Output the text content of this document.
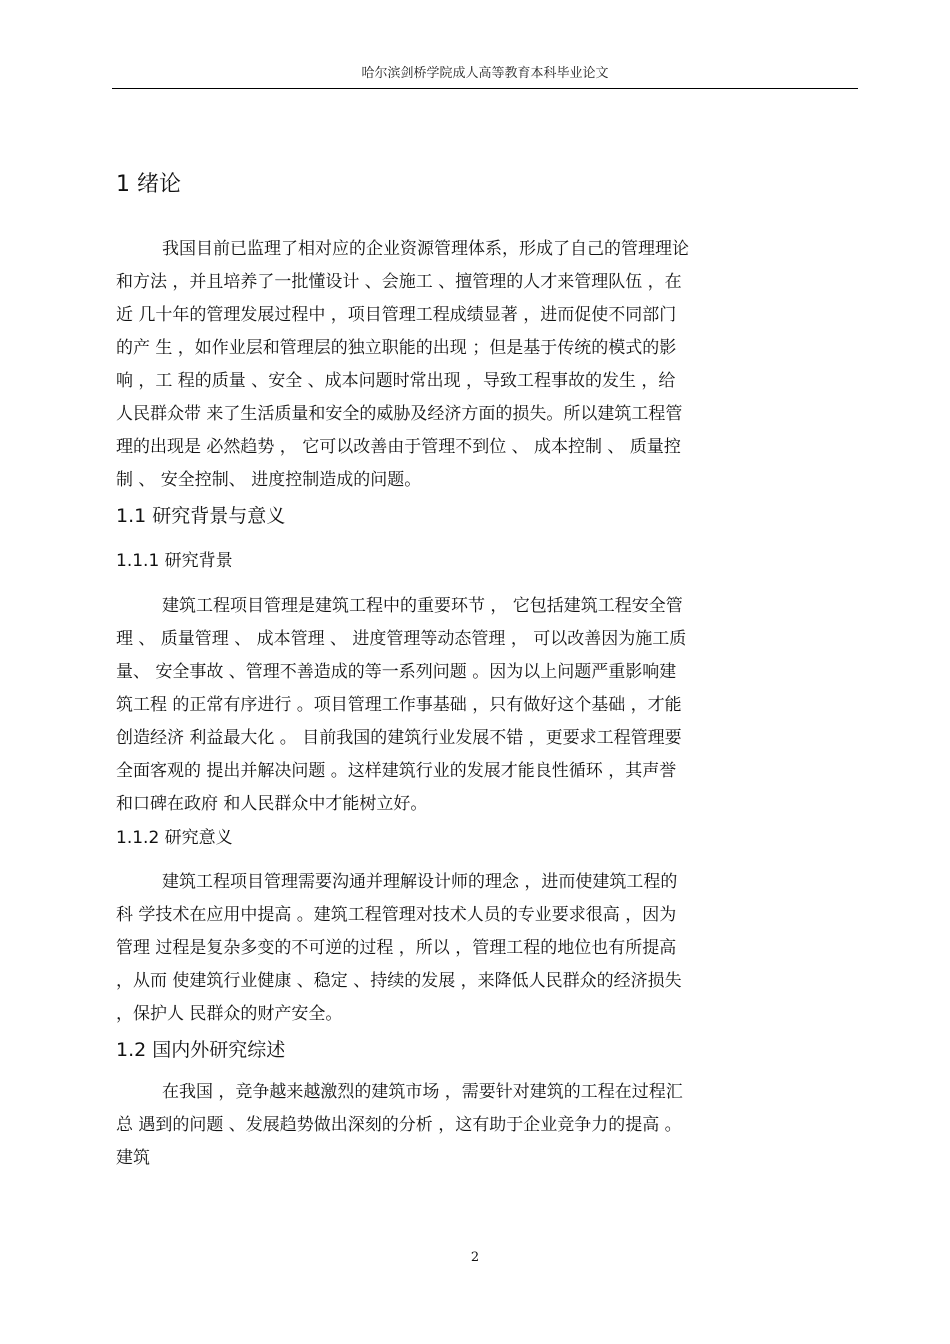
哈尔滨剑桥学院成人高等教育本科毕业论文
1 绪论
我国目前已监理了相对应的企业资源管理体系，形成了自己的管理理论
和方法 ，并且培养了一批懂设计 、会施工 、擅管理的人才来管理队伍 ，在
近 几十年的管理发展过程中 ，项目管理工程成绩显著 ，进而促使不同部门
的产 生 ，如作业层和管理层的独立职能的出现 ；但是基于传统的模式的影
响 ，工 程的质量 、安全 、成本问题时常出现 ，导致工程事故的发生 ，给
人民群众带 来了生活质量和安全的威胁及经济方面的损失。所以建筑工程管
理的出现是 必然趋势 ， 它可以改善由于管理不到位 、 成本控制 、 质量控
制 、 安全控制、 进度控制造成的问题。
1.1 研究背景与意义
1.1.1 研究背景
建筑工程项目管理是建筑工程中的重要环节 ， 它包括建筑工程安全管
理 、 质量管理 、 成本管理 、 进度管理等动态管理 ， 可以改善因为施工质
量、 安全事故 、管理不善造成的等一系列问题 。因为以上问题严重影响建
筑工程 的正常有序进行 。项目管理工作事基础 ，只有做好这个基础 ，才能
创造经济 利益最大化 。 目前我国的建筑行业发展不错 ，更要求工程管理要
全面客观的 提出并解决问题 。这样建筑行业的发展才能良性循环 ，其声誉
和口碑在政府 和人民群众中才能树立好。
1.1.2 研究意义
建筑工程项目管理需要沟通并理解设计师的理念 ，进而使建筑工程的
科 学技术在应用中提高 。建筑工程管理对技术人员的专业要求很高 ，因为
管理 过程是复杂多变的不可逆的过程 ，所以 ，管理工程的地位也有所提高
，从而 使建筑行业健康 、稳定 、持续的发展 ，来降低人民群众的经济损失
，保护人 民群众的财产安全。
1.2 国内外研究综述
在我国 ，竞争越来越激烈的建筑市场 ，需要针对建筑的工程在过程汇
总 遇到的问题 、发展趋势做出深刻的分析 ，这有助于企业竞争力的提高 。
建筑
2
